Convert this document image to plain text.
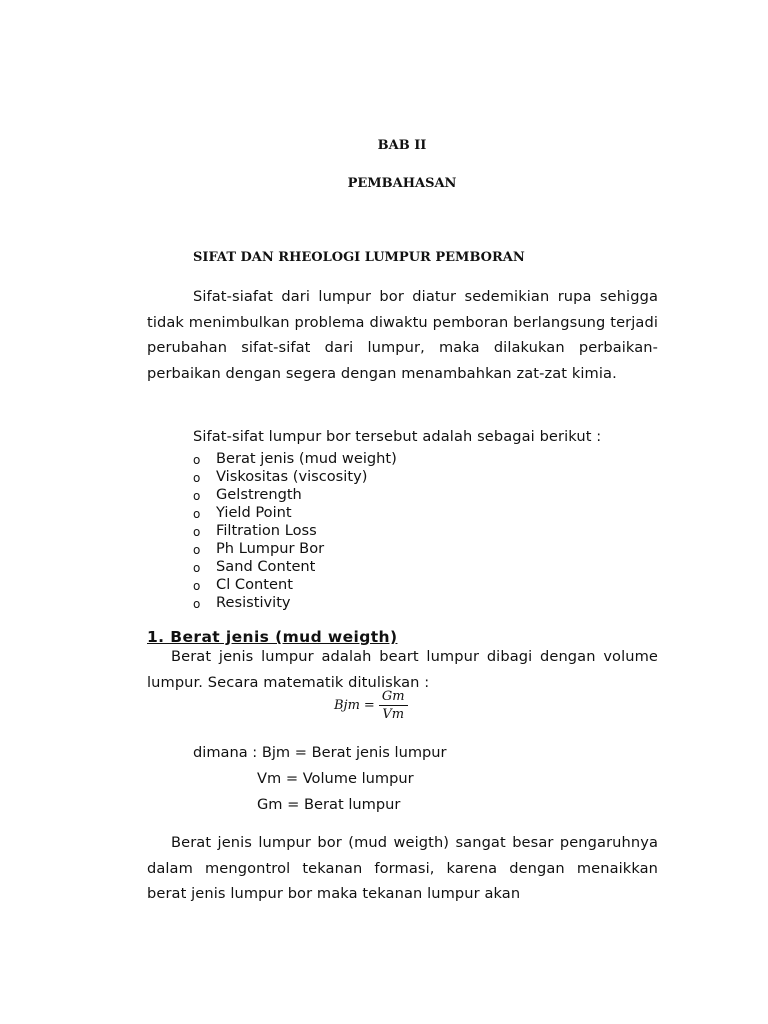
BAB II
PEMBAHASAN
SIFAT DAN RHEOLOGI LUMPUR PEMBORAN
Sifat-siafat dari lumpur bor diatur sedemikian rupa sehigga tidak menimbulkan problema diwaktu pemboran berlangsung terjadi perubahan sifat-sifat dari lumpur, maka dilakukan perbaikan-perbaikan dengan segera dengan menambahkan zat-zat kimia.
Sifat-sifat lumpur bor tersebut adalah sebagai berikut :
o Berat jenis (mud weight)
o Viskositas (viscosity)
o Gelstrength
o Yield Point
o Filtration Loss
o Ph Lumpur Bor
o Sand Content
o Cl Content
o Resistivity
1. Berat jenis (mud weigth)
Berat jenis lumpur adalah beart lumpur dibagi dengan volume lumpur. Secara matematik dituliskan :
Bjm = $\frac{Gm}{Vm}$
dimana : Bjm = Berat jenis lumpur
Vm = Volume lumpur
Gm = Berat lumpur
Berat jenis lumpur bor (mud weigth) sangat besar pengaruhnya dalam mengontrol tekanan formasi, karena dengan menaikkan berat jenis lumpur bor maka tekanan lumpur akan
